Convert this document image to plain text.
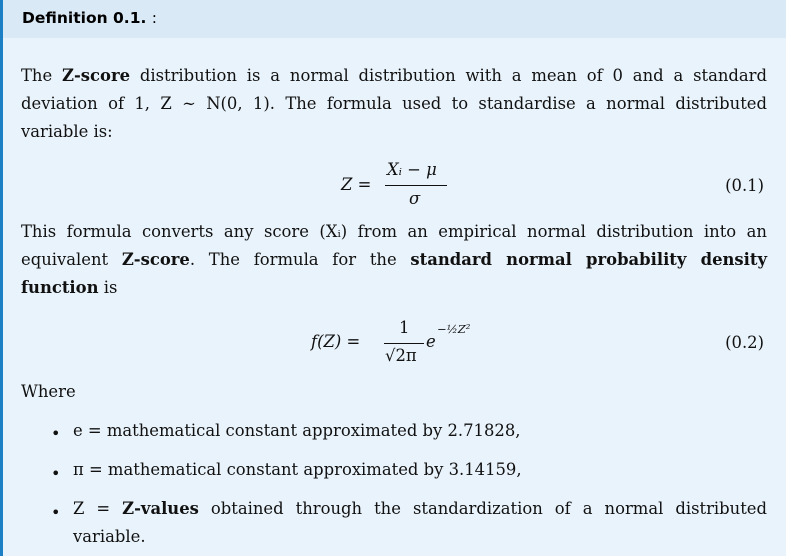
Definition 0.1. :
The Z-score distribution is a normal distribution with a mean of 0 and a standard
deviation of 1, Z ∼ N(0, 1). The formula used to standardise a normal distributed
variable is:
Z =
Xᵢ − μ
σ
(0.1)
This formula converts any score (Xᵢ) from an empirical normal distribution into an
equivalent Z-score. The formula for the standard normal probability density
function is
f(Z) =
1
√2π
e
−½Z²
(0.2)
Where
• e = mathematical constant approximated by 2.71828,
• π = mathematical constant approximated by 3.14159,
• Z = Z-values obtained through the standardization of a normal distributed
variable.
